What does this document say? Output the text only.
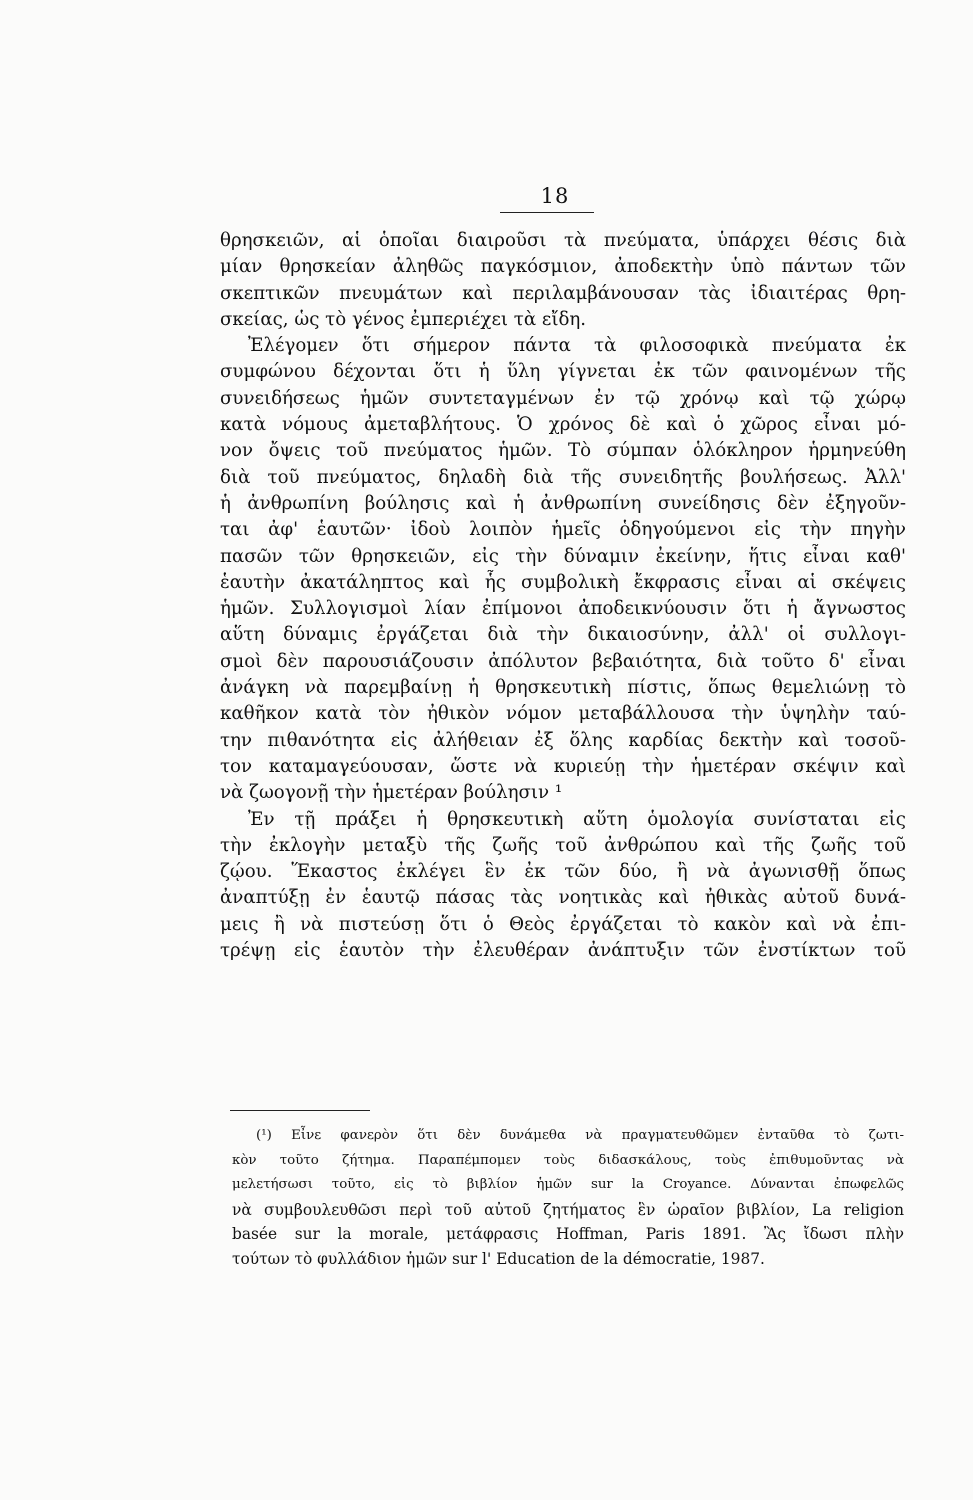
18
θρησκειῶν, αἱ ὁποῖαι διαιροῦσι τὰ πνεύματα, ὑπάρχει θέσις διὰ
μίαν θρησκείαν ἀληθῶς παγκόσμιον, ἀποδεκτὴν ὑπὸ πάντων τῶν
σκεπτικῶν πνευμάτων καὶ περιλαμβάνουσαν τὰς ἰδιαιτέρας θρη-
σκείας, ὡς τὸ γένος ἐμπεριέχει τὰ εἴδη.
Ἐλέγομεν ὅτι σήμερον πάντα τὰ φιλοσοφικὰ πνεύματα ἐκ
συμφώνου δέχονται ὅτι ἡ ὕλη γίγνεται ἐκ τῶν φαινομένων τῆς
συνειδήσεως ἡμῶν συντεταγμένων ἐν τῷ χρόνῳ καὶ τῷ χώρῳ
κατὰ νόμους ἀμεταβλήτους. Ὁ χρόνος δὲ καὶ ὁ χῶρος εἶναι μό-
νον ὄψεις τοῦ πνεύματος ἡμῶν. Τὸ σύμπαν ὁλόκληρον ἡρμηνεύθη
διὰ τοῦ πνεύματος, δηλαδὴ διὰ τῆς συνειδητῆς βουλήσεως. Ἀλλ'
ἡ ἀνθρωπίνη βούλησις καὶ ἡ ἀνθρωπίνη συνείδησις δὲν ἐξηγοῦν-
ται ἀφ' ἑαυτῶν· ἰδοὺ λοιπὸν ἡμεῖς ὁδηγούμενοι εἰς τὴν πηγὴν
πασῶν τῶν θρησκειῶν, εἰς τὴν δύναμιν ἐκείνην, ἥτις εἶναι καθ'
ἑαυτὴν ἀκατάληπτος καὶ ἧς συμβολικὴ ἔκφρασις εἶναι αἱ σκέψεις
ἡμῶν. Συλλογισμοὶ λίαν ἐπίμονοι ἀποδεικνύουσιν ὅτι ἡ ἄγνωστος
αὕτη δύναμις ἐργάζεται διὰ τὴν δικαιοσύνην, ἀλλ' οἱ συλλογι-
σμοὶ δὲν παρουσιάζουσιν ἀπόλυτον βεβαιότητα, διὰ τοῦτο δ' εἶναι
ἀνάγκη νὰ παρεμβαίνῃ ἡ θρησκευτικὴ πίστις, ὅπως θεμελιώνῃ τὸ
καθῆκον κατὰ τὸν ἠθικὸν νόμον μεταβάλλουσα τὴν ὑψηλὴν ταύ-
την πιθανότητα εἰς ἀλήθειαν ἐξ ὅλης καρδίας δεκτὴν καὶ τοσοῦ-
τον καταμαγεύουσαν, ὥστε νὰ κυριεύῃ τὴν ἡμετέραν σκέψιν καὶ
νὰ ζωογονῇ τὴν ἡμετέραν βούλησιν ¹
Ἐν τῇ πράξει ἡ θρησκευτικὴ αὕτη ὁμολογία συνίσταται εἰς
τὴν ἐκλογὴν μεταξὺ τῆς ζωῆς τοῦ ἀνθρώπου καὶ τῆς ζωῆς τοῦ
ζῴου. Ἕκαστος ἐκλέγει ἓν ἐκ τῶν δύο, ἢ νὰ ἀγωνισθῇ ὅπως
ἀναπτύξῃ ἐν ἑαυτῷ πάσας τὰς νοητικὰς καὶ ἠθικὰς αὐτοῦ δυνά-
μεις ἢ νὰ πιστεύσῃ ὅτι ὁ Θεὸς ἐργάζεται τὸ κακὸν καὶ νὰ ἐπι-
τρέψῃ εἰς ἑαυτὸν τὴν ἐλευθέραν ἀνάπτυξιν τῶν ἐνστίκτων τοῦ
(¹) Εἶνε φανερὸν ὅτι δὲν δυνάμεθα νὰ πραγματευθῶμεν ἐνταῦθα τὸ ζωτι-
κὸν τοῦτο ζήτημα. Παραπέμπομεν τοὺς διδασκάλους, τοὺς ἐπιθυμοῦντας νὰ
μελετήσωσι τοῦτο, εἰς τὸ βιβλίον ἡμῶν sur la Croyance. Δύνανται ἐπωφελῶς
νὰ συμβουλευθῶσι περὶ τοῦ αὐτοῦ ζητήματος ἓν ὡραῖον βιβλίον, La religion
basée sur la morale, μετάφρασις Hoffman, Paris 1891. Ἂς ἴδωσι πλὴν
τούτων τὸ φυλλάδιον ἡμῶν sur l' Education de la démocratie, 1987.
